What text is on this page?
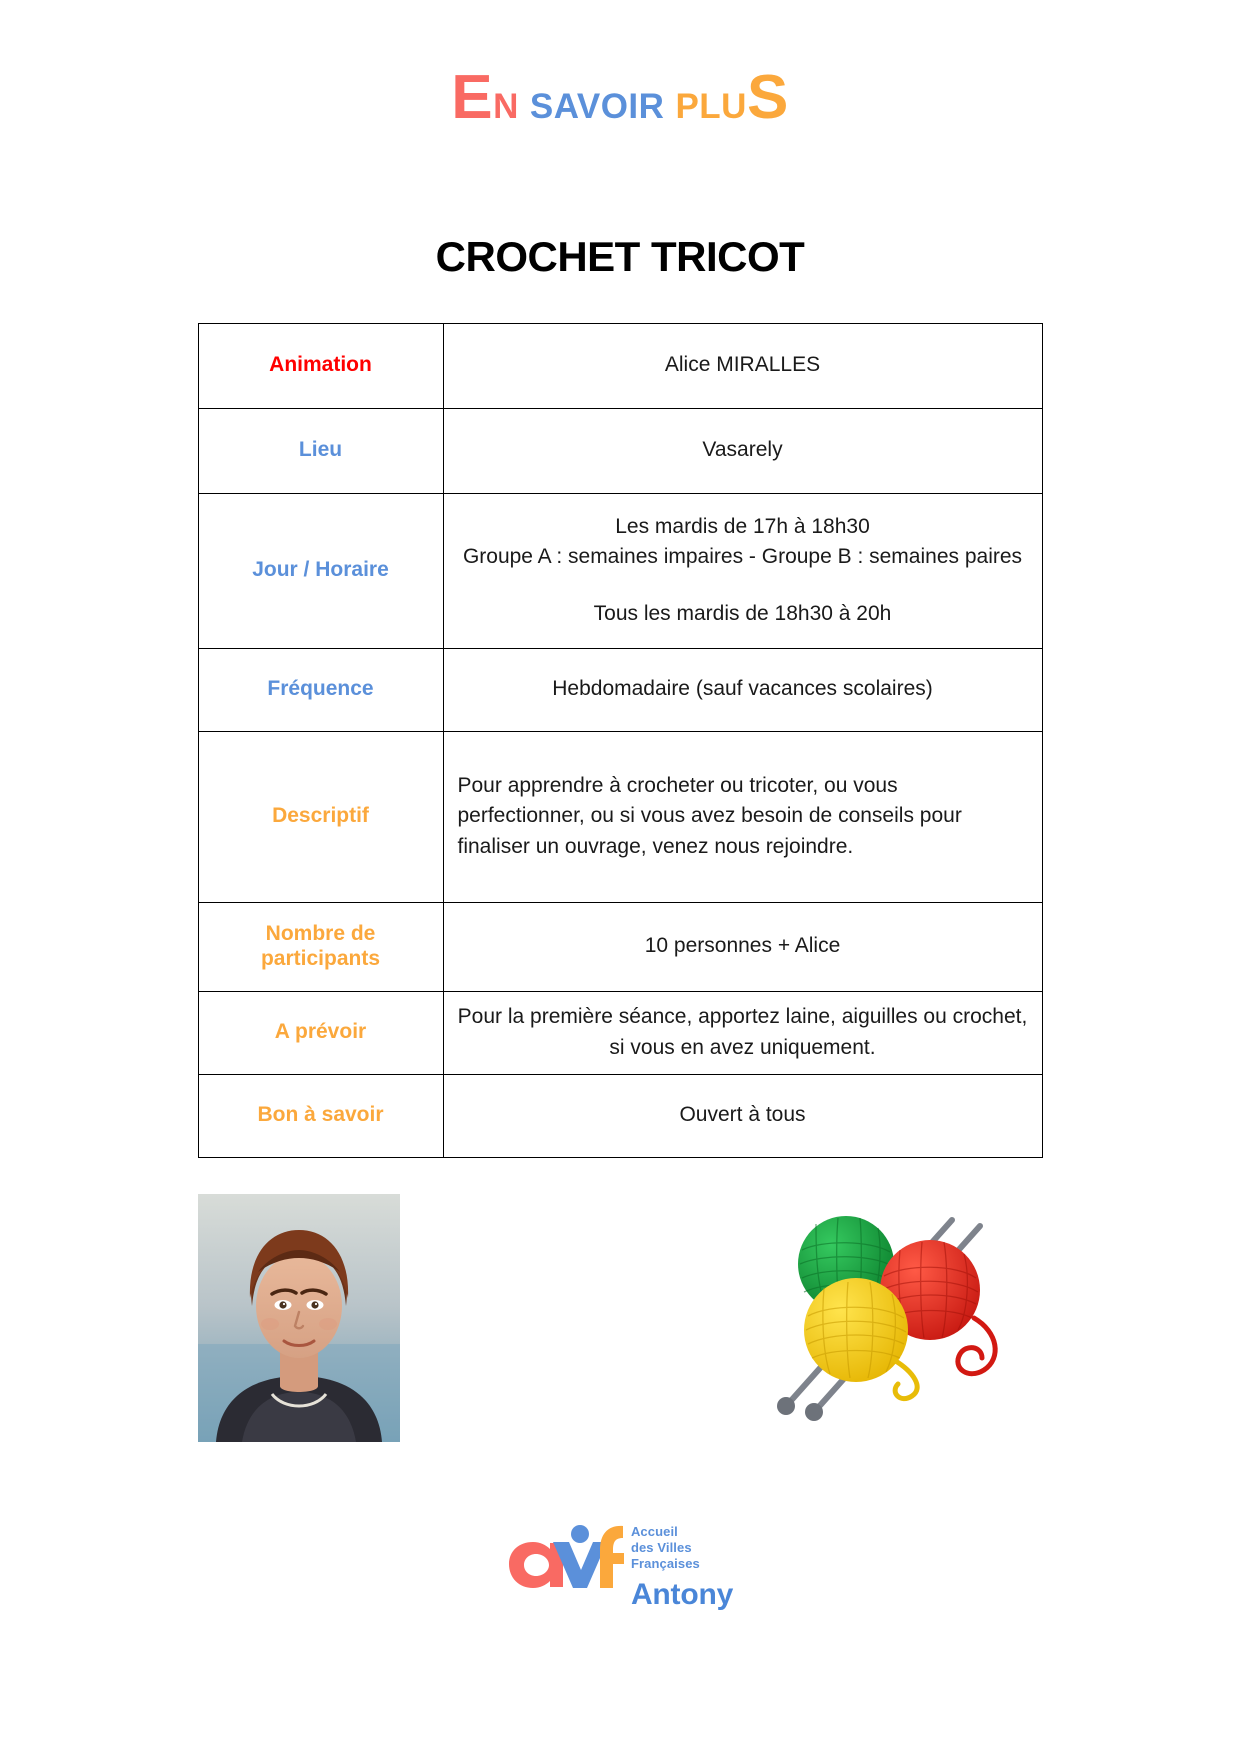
E N SAVOIR PLU S
CROCHET TRICOT
Animation	Alice MIRALLES
Lieu	Vasarely
Jour / Horaire	Les mardis de 17h à 18h30
Groupe A : semaines impaires - Groupe B : semaines paires
Tous les mardis de 18h30 à 20h

Fréquence	Hebdomadaire (sauf vacances scolaires)
Descriptif	Pour apprendre à crocheter ou tricoter, ou vous perfectionner, ou si vous avez besoin de conseils pour finaliser un ouvrage, venez nous rejoindre.
Nombre de participants	10 personnes + Alice
A prévoir	Pour la première séance, apportez laine, aiguilles ou crochet, si vous en avez uniquement.
Bon à savoir	Ouvert à tous
Accueil
des Villes
Françaises
Antony
